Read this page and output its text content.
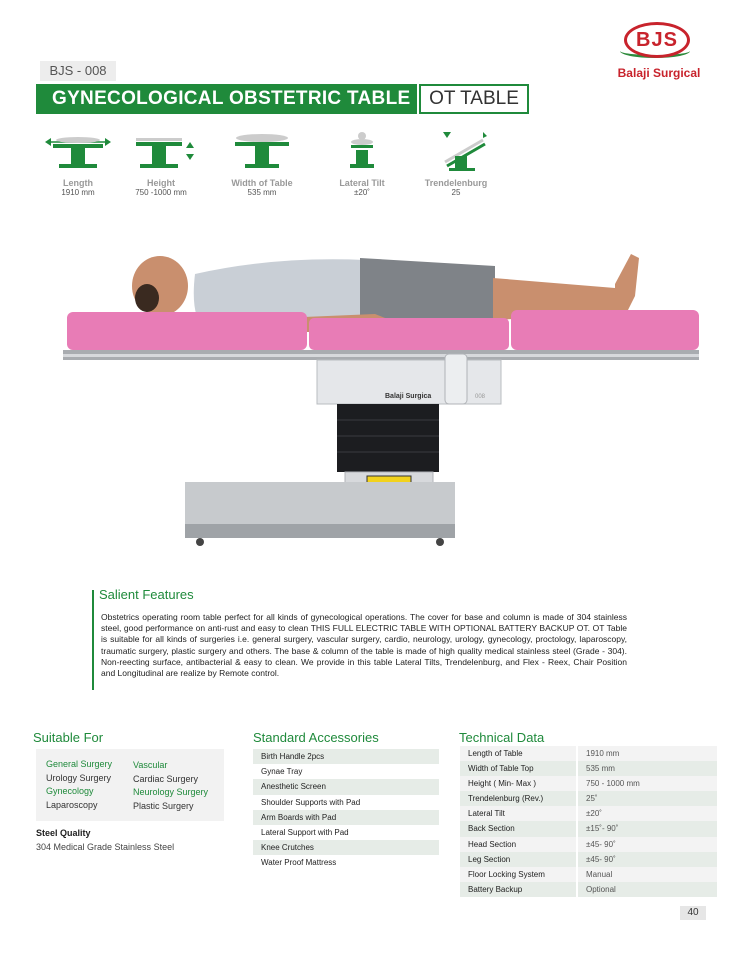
BJS
Balaji Surgical
BJS - 008
GYNECOLOGICAL OBSTETRIC TABLE OT TABLE
Length
1910 mm
Height
750 -1000 mm
Width of Table
535 mm
Lateral Tilt
±20˚
Trendelenburg
25
Balaji Surgica	008
Salient Features
Obstetrics operating room table perfect for all kinds of gynecological operations. The cover for base and column is made of 304 stainless steel, good performance on anti-rust and easy to clean THIS FULL ELECTRIC TABLE WITH OPTIONAL BATTERY BACKUP OT. OT Table is suitable for all kinds of surgeries i.e. general surgery, vascular surgery, cardio, neurology, urology, gynecology, proctology, laparoscopy, traumatic surgery, plastic surgery and others. The base & column of the table is made of high quality medical stainless steel (Grade - 304). Non-reecting surface, antibacterial & easy to clean. We provide in this table Lateral Tilts, Trendelenburg, and Flex - Reex, Chair Position and Longitudinal are realize by Remote control.
Suitable For
General Surgery
Urology Surgery
Gynecology
Laparoscopy
Vascular
Cardiac Surgery
Neurology Surgery
Plastic Surgery
Steel Quality
304 Medical Grade Stainless Steel
Standard Accessories
Birth Handle 2pcs
Gynae Tray
Anesthetic Screen
Shoulder Supports with Pad
Arm Boards with Pad
Lateral Support with Pad
Knee Crutches
Water Proof Mattress
Technical Data
Length of Table	1910 mm
Width of Table Top	535 mm
Height ( Min- Max )	750 - 1000 mm
Trendelenburg (Rev.)	25˚
Lateral Tilt	±20˚
Back Section	±15˚- 90˚
Head Section	±45- 90˚
Leg Section	±45- 90˚
Floor Locking System	Manual
Battery Backup	Optional
40
